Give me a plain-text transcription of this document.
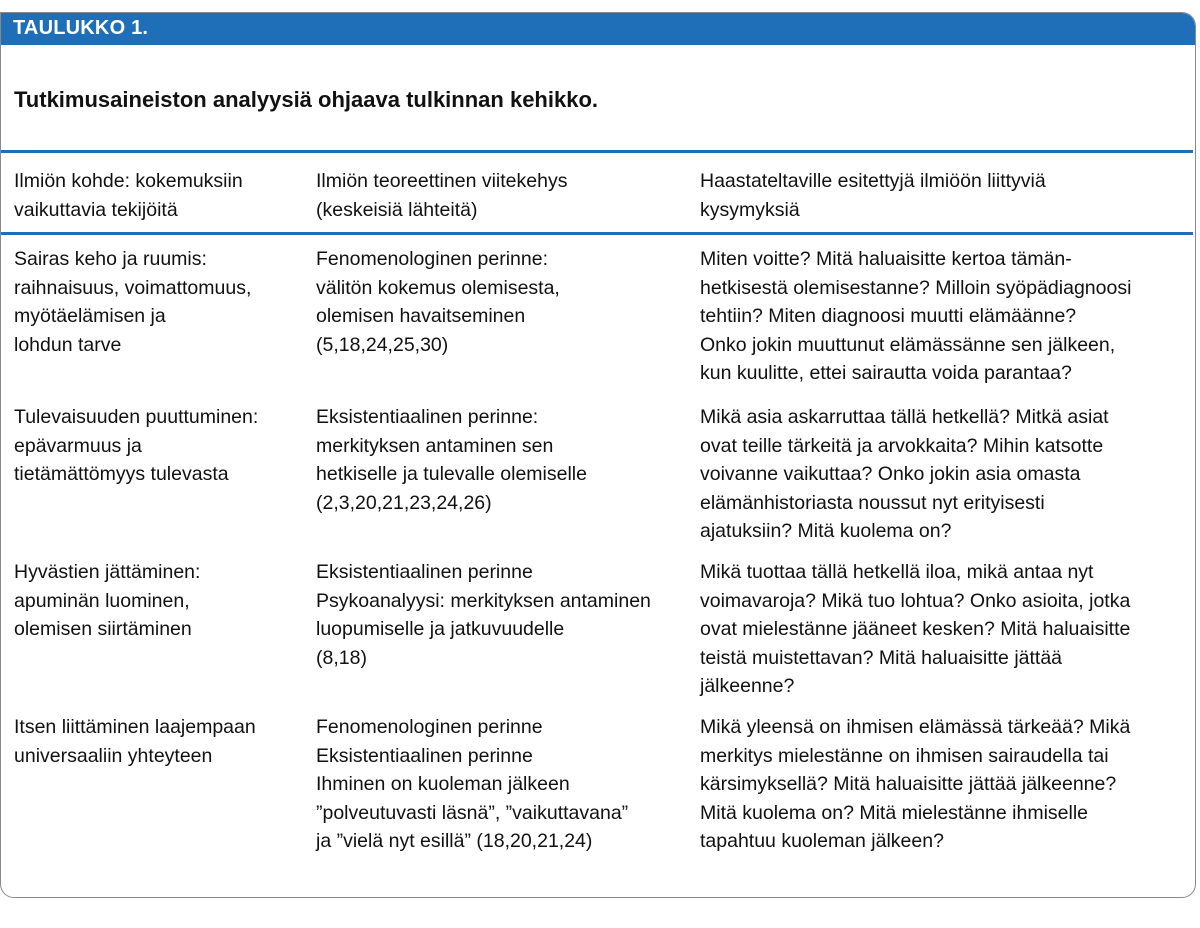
TAULUKKO 1.
Tutkimusaineiston analyysiä ohjaava tulkinnan kehikko.
Ilmiön kohde: kokemuksiin
vaikuttavia tekijöitä
Ilmiön teoreettinen viitekehys
(keskeisiä lähteitä)
Haastateltaville esitettyjä ilmiöön liittyviä
kysymyksiä
Sairas keho ja ruumis:
raihnaisuus, voimattomuus,
myötäelämisen ja
lohdun tarve
Fenomenologinen perinne:
välitön kokemus olemisesta,
olemisen havaitseminen
(5,18,24,25,30)
Miten voitte? Mitä haluaisitte kertoa tämän-
hetkisestä olemisestanne? Milloin syöpädiagnoosi
tehtiin? Miten diagnoosi muutti elämäänne?
Onko jokin muuttunut elämässänne sen jälkeen,
kun kuulitte, ettei sairautta voida parantaa?
Tulevaisuuden puuttuminen:
epävarmuus ja
tietämättömyys tulevasta
Eksistentiaalinen perinne:
merkityksen antaminen sen
hetkiselle ja tulevalle olemiselle
(2,3,20,21,23,24,26)
Mikä asia askarruttaa tällä hetkellä? Mitkä asiat
ovat teille tärkeitä ja arvokkaita? Mihin katsotte
voivanne vaikuttaa? Onko jokin asia omasta
elämänhistoriasta noussut nyt erityisesti
ajatuksiin? Mitä kuolema on?
Hyvästien jättäminen:
apuminän luominen,
olemisen siirtäminen
Eksistentiaalinen perinne
Psykoanalyysi: merkityksen antaminen
luopumiselle ja jatkuvuudelle
(8,18)
Mikä tuottaa tällä hetkellä iloa, mikä antaa nyt
voimavaroja? Mikä tuo lohtua? Onko asioita, jotka
ovat mielestänne jääneet kesken? Mitä haluaisitte
teistä muistettavan? Mitä haluaisitte jättää
jälkeenne?
Itsen liittäminen laajempaan
universaaliin yhteyteen
Fenomenologinen perinne
Eksistentiaalinen perinne
Ihminen on kuoleman jälkeen
”polveutuvasti läsnä”, ”vaikuttavana”
ja ”vielä nyt esillä” (18,20,21,24)
Mikä yleensä on ihmisen elämässä tärkeää? Mikä
merkitys mielestänne on ihmisen sairaudella tai
kärsimyksellä? Mitä haluaisitte jättää jälkeenne?
Mitä kuolema on? Mitä mielestänne ihmiselle
tapahtuu kuoleman jälkeen?
